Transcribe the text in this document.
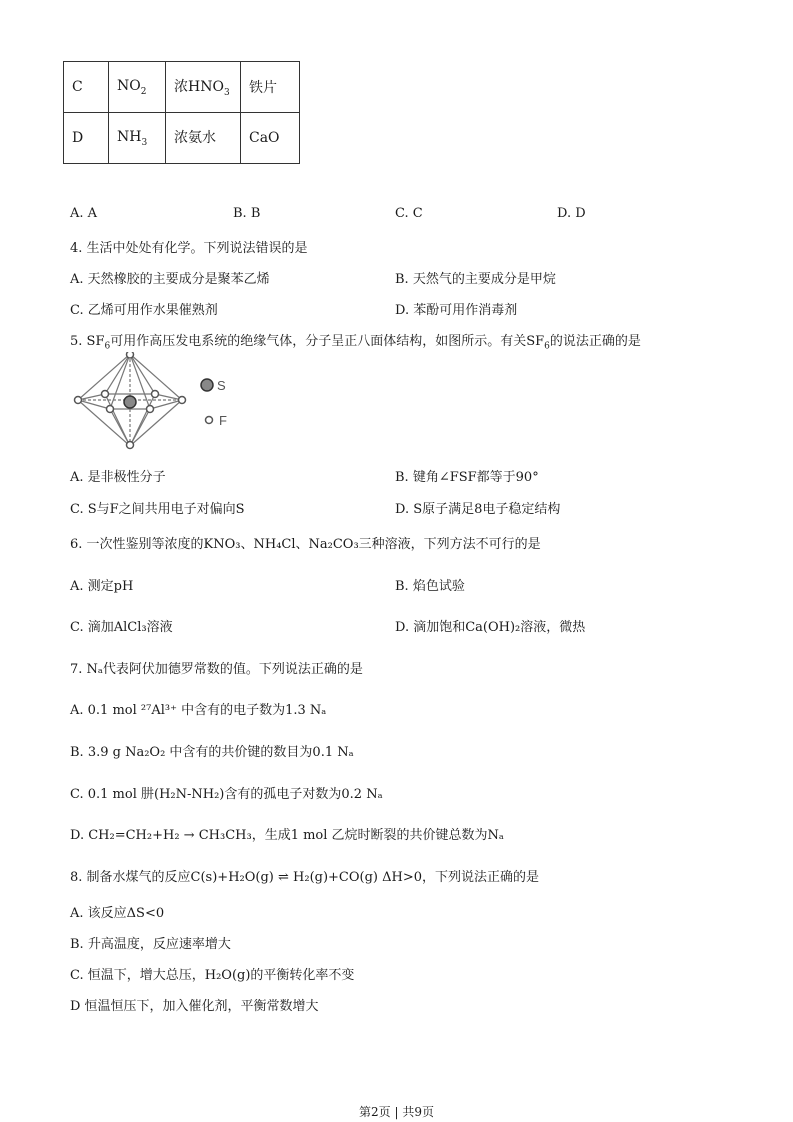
C	$NO_2$	浓$HNO_3$	铁片
D	$NH_3$	浓氨水	CaO
A. A	B. B	C. C	D. D
4. 生活中处处有化学。下列说法错误的是
A. 天然橡胶的主要成分是聚苯乙烯	B. 天然气的主要成分是甲烷
C. 乙烯可用作水果催熟剂	D. 苯酚可用作消毒剂
5. $SF_6$可用作高压发电系统的绝缘气体，分子呈正八面体结构，如图所示。有关$SF_6$的说法正确的是
S
F
A. 是非极性分子	B. 键角∠FSF都等于90°
C. S与F之间共用电子对偏向S	D. S原子满足8电子稳定结构
6. 一次性鉴别等浓度的KNO₃、NH₄Cl、Na₂CO₃三种溶液，下列方法不可行的是
A. 测定pH	B. 焰色试验
C. 滴加AlCl₃溶液	D. 滴加饱和Ca(OH)₂溶液，微热
7. Nₐ代表阿伏加德罗常数的值。下列说法正确的是
A. 0.1 mol ²⁷Al³⁺ 中含有的电子数为1.3 Nₐ
B. 3.9 g Na₂O₂ 中含有的共价键的数目为0.1 Nₐ
C. 0.1 mol 肼(H₂N-NH₂)含有的孤电子对数为0.2 Nₐ
D. CH₂=CH₂+H₂ → CH₃CH₃，生成1 mol 乙烷时断裂的共价键总数为Nₐ
8. 制备水煤气的反应C(s)+H₂O(g) ⇌ H₂(g)+CO(g) ΔH>0，下列说法正确的是
A. 该反应ΔS<0
B. 升高温度，反应速率增大
C. 恒温下，增大总压，H₂O(g)的平衡转化率不变
D 恒温恒压下，加入催化剂，平衡常数增大
第2页 | 共9页
